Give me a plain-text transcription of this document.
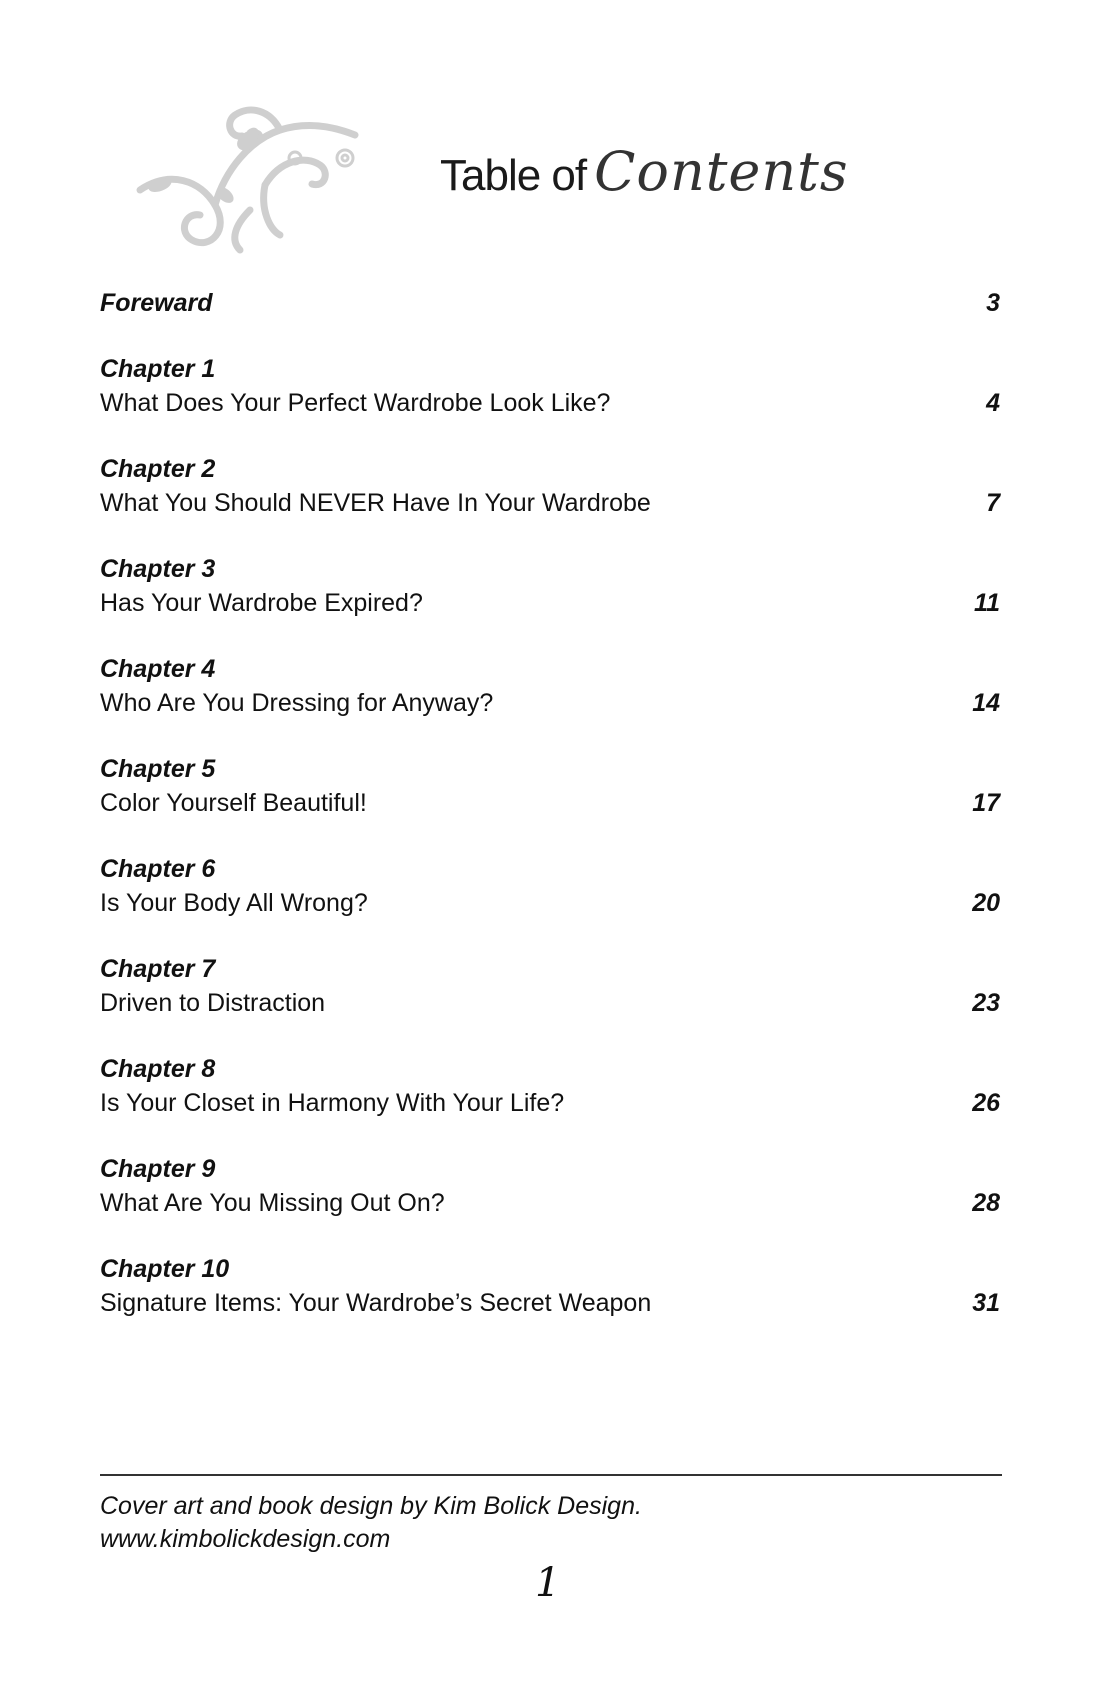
Table of Contents
Foreward	3
Chapter 1
What Does Your Perfect Wardrobe Look Like?	4
Chapter 2
What You Should NEVER Have In Your Wardrobe	7
Chapter 3
Has Your Wardrobe Expired?	11
Chapter 4
Who Are You Dressing for Anyway?	14
Chapter 5
Color Yourself Beautiful!	17
Chapter 6
Is Your Body All Wrong?	20
Chapter 7
Driven to Distraction	23
Chapter 8
Is Your Closet in Harmony With Your Life?	26
Chapter 9
What Are You Missing Out On?	28
Chapter 10
Signature Items: Your Wardrobe’s Secret Weapon	31
Cover art and book design by Kim Bolick Design.
www.kimbolickdesign.com
1
